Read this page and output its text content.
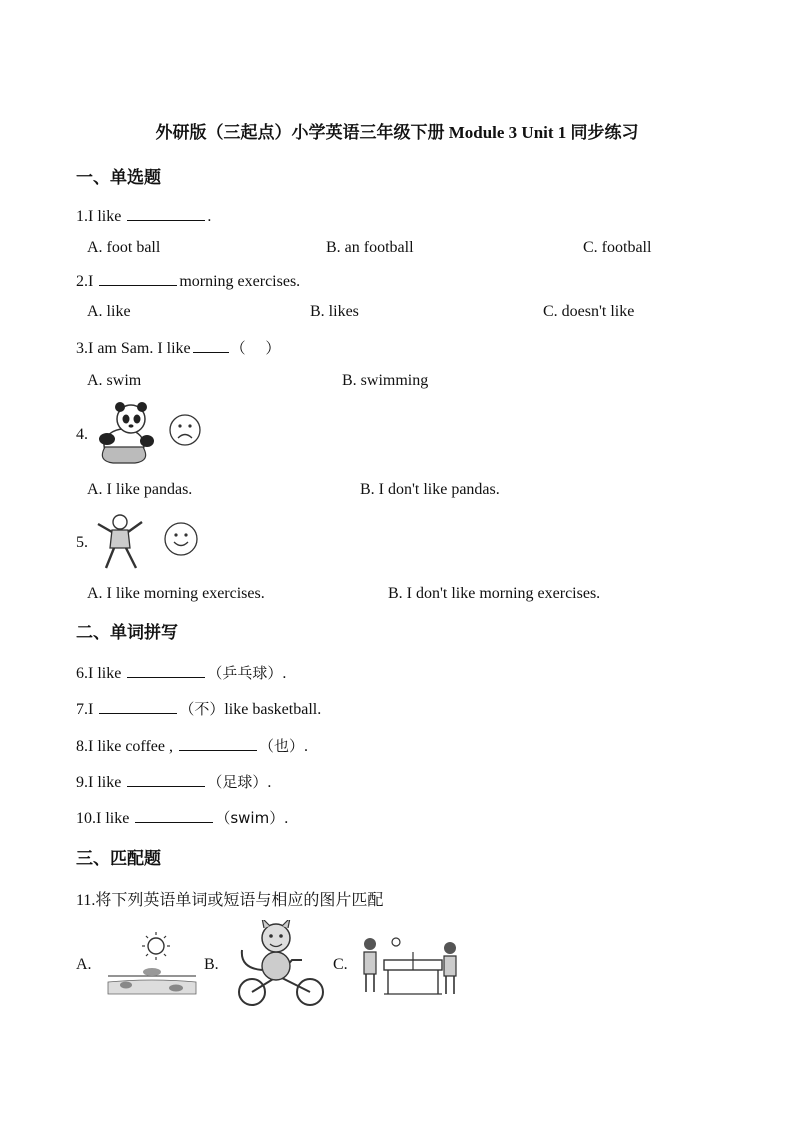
外研版（三起点）小学英语三年级下册 Module 3 Unit 1 同步练习
一、单选题
1.I like	.
A. foot ball	B. an football	C. football
2.I	morning exercises.
A. like	B. likes	C. doesn't like
3.I am Sam. I like	（　 ）
A. swim	B. swimming
4.
A. I like pandas.	B. I don't like pandas.
5.
A. I like morning exercises.	B. I don't like morning exercises.
二、单词拼写
6.I like	（乒乓球）.
7.I	（不）like basketball.
8.I like coffee ,	（也）.
9.I like	（足球）.
10.I like	（swim）.
三、匹配题
11.将下列英语单词或短语与相应的图片匹配
A.	B.	C.
